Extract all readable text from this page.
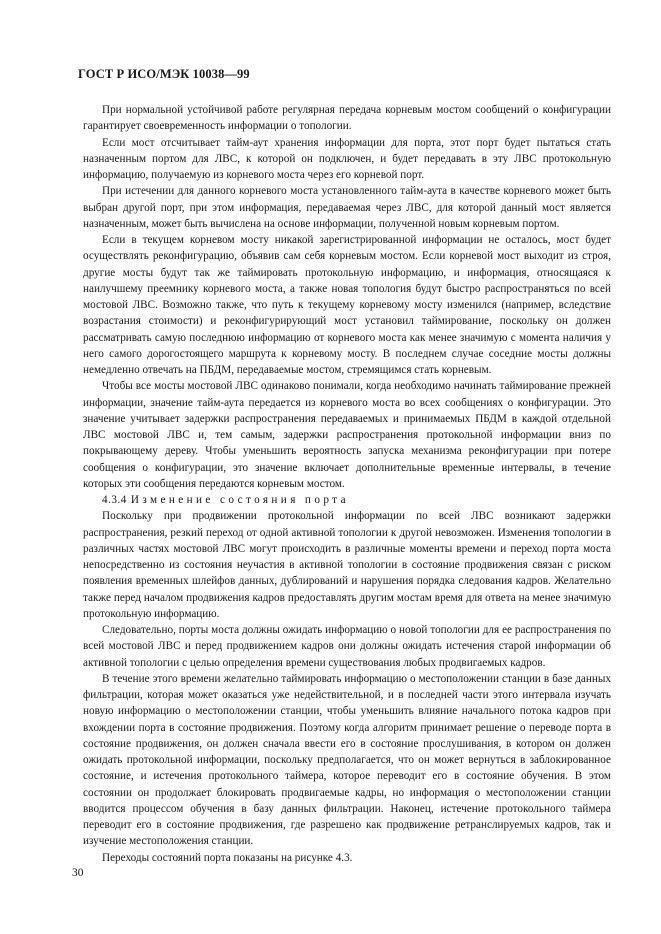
ГОСТ Р ИСО/МЭК 10038—99

При нормальной устойчивой работе регулярная передача корневым мостом сообщений о конфигурации гарантирует своевременность информации о топологии.

Если мост отсчитывает тайм-аут хранения информации для порта, этот порт будет пытаться стать назначенным портом для ЛВС, к которой он подключен, и будет передавать в эту ЛВС протокольную информацию, получаемую из корневого моста через его корневой порт.

При истечении для данного корневого моста установленного тайм-аута в качестве корневого может быть выбран другой порт, при этом информация, передаваемая через ЛВС, для которой данный мост является назначенным, может быть вычислена на основе информации, полученной новым корневым портом.

Если в текущем корневом мосту никакой зарегистрированной информации не осталось, мост будет осуществлять реконфигурацию, объявив сам себя корневым мостом. Если корневой мост выходит из строя, другие мосты будут так же таймировать протокольную информацию, и информация, относящаяся к наилучшему преемнику корневого моста, а также новая топология будут быстро распространяться по всей мостовой ЛВС. Возможно также, что путь к текущему корневому мосту изменился (например, вследствие возрастания стоимости) и реконфигурирующий мост установил таймирование, поскольку он должен рассматривать самую последнюю информацию от корневого моста как менее значимую с момента наличия у него самого дорогостоящего маршрута к корневому мосту. В последнем случае соседние мосты должны немедленно отвечать на ПБДМ, передаваемые мостом, стремящимся стать корневым.

Чтобы все мосты мостовой ЛВС одинаково понимали, когда необходимо начинать таймирование прежней информации, значение тайм-аута передается из корневого моста во всех сообщениях о конфигурации. Это значение учитывает задержки распространения передаваемых и принимаемых ПБДМ в каждой отдельной ЛВС мостовой ЛВС и, тем самым, задержки распространения протокольной информации вниз по покрывающему дереву. Чтобы уменьшить вероятность запуска механизма реконфигурации при потере сообщения о конфигурации, это значение включает дополнительные временные интервалы, в течение которых эти сообщения передаются корневым мостом.

4.3.4 Изменение состояния порта

Поскольку при продвижении протокольной информации по всей ЛВС возникают задержки распространения, резкий переход от одной активной топологии к другой невозможен. Изменения топологии в различных частях мостовой ЛВС могут происходить в различные моменты времени и переход порта моста непосредственно из состояния неучастия в активной топологии в состояние продвижения связан с риском появления временных шлейфов данных, дублирований и нарушения порядка следования кадров. Желательно также перед началом продвижения кадров предоставлять другим мостам время для ответа на менее значимую протокольную информацию.

Следовательно, порты моста должны ожидать информацию о новой топологии для ее распространения по всей мостовой ЛВС и перед продвижением кадров они должны ожидать истечения старой информации об активной топологии с целью определения времени существования любых продвигаемых кадров.

В течение этого времени желательно таймировать информацию о местоположении станции в базе данных фильтрации, которая может оказаться уже недействительной, и в последней части этого интервала изучать новую информацию о местоположении станции, чтобы уменьшить влияние начального потока кадров при вхождении порта в состояние продвижения. Поэтому когда алгоритм принимает решение о переводе порта в состояние продвижения, он должен сначала ввести его в состояние прослушивания, в котором он должен ожидать протокольной информации, поскольку предполагается, что он может вернуться в заблокированное состояние, и истечения протокольного таймера, которое переводит его в состояние обучения. В этом состоянии он продолжает блокировать продвигаемые кадры, но информация о местоположении станции вводится процессом обучения в базу данных фильтрации. Наконец, истечение протокольного таймера переводит его в состояние продвижения, где разрешено как продвижение ретранслируемых кадров, так и изучение местоположения станции.

Переходы состояний порта показаны на рисунке 4.3.

30
